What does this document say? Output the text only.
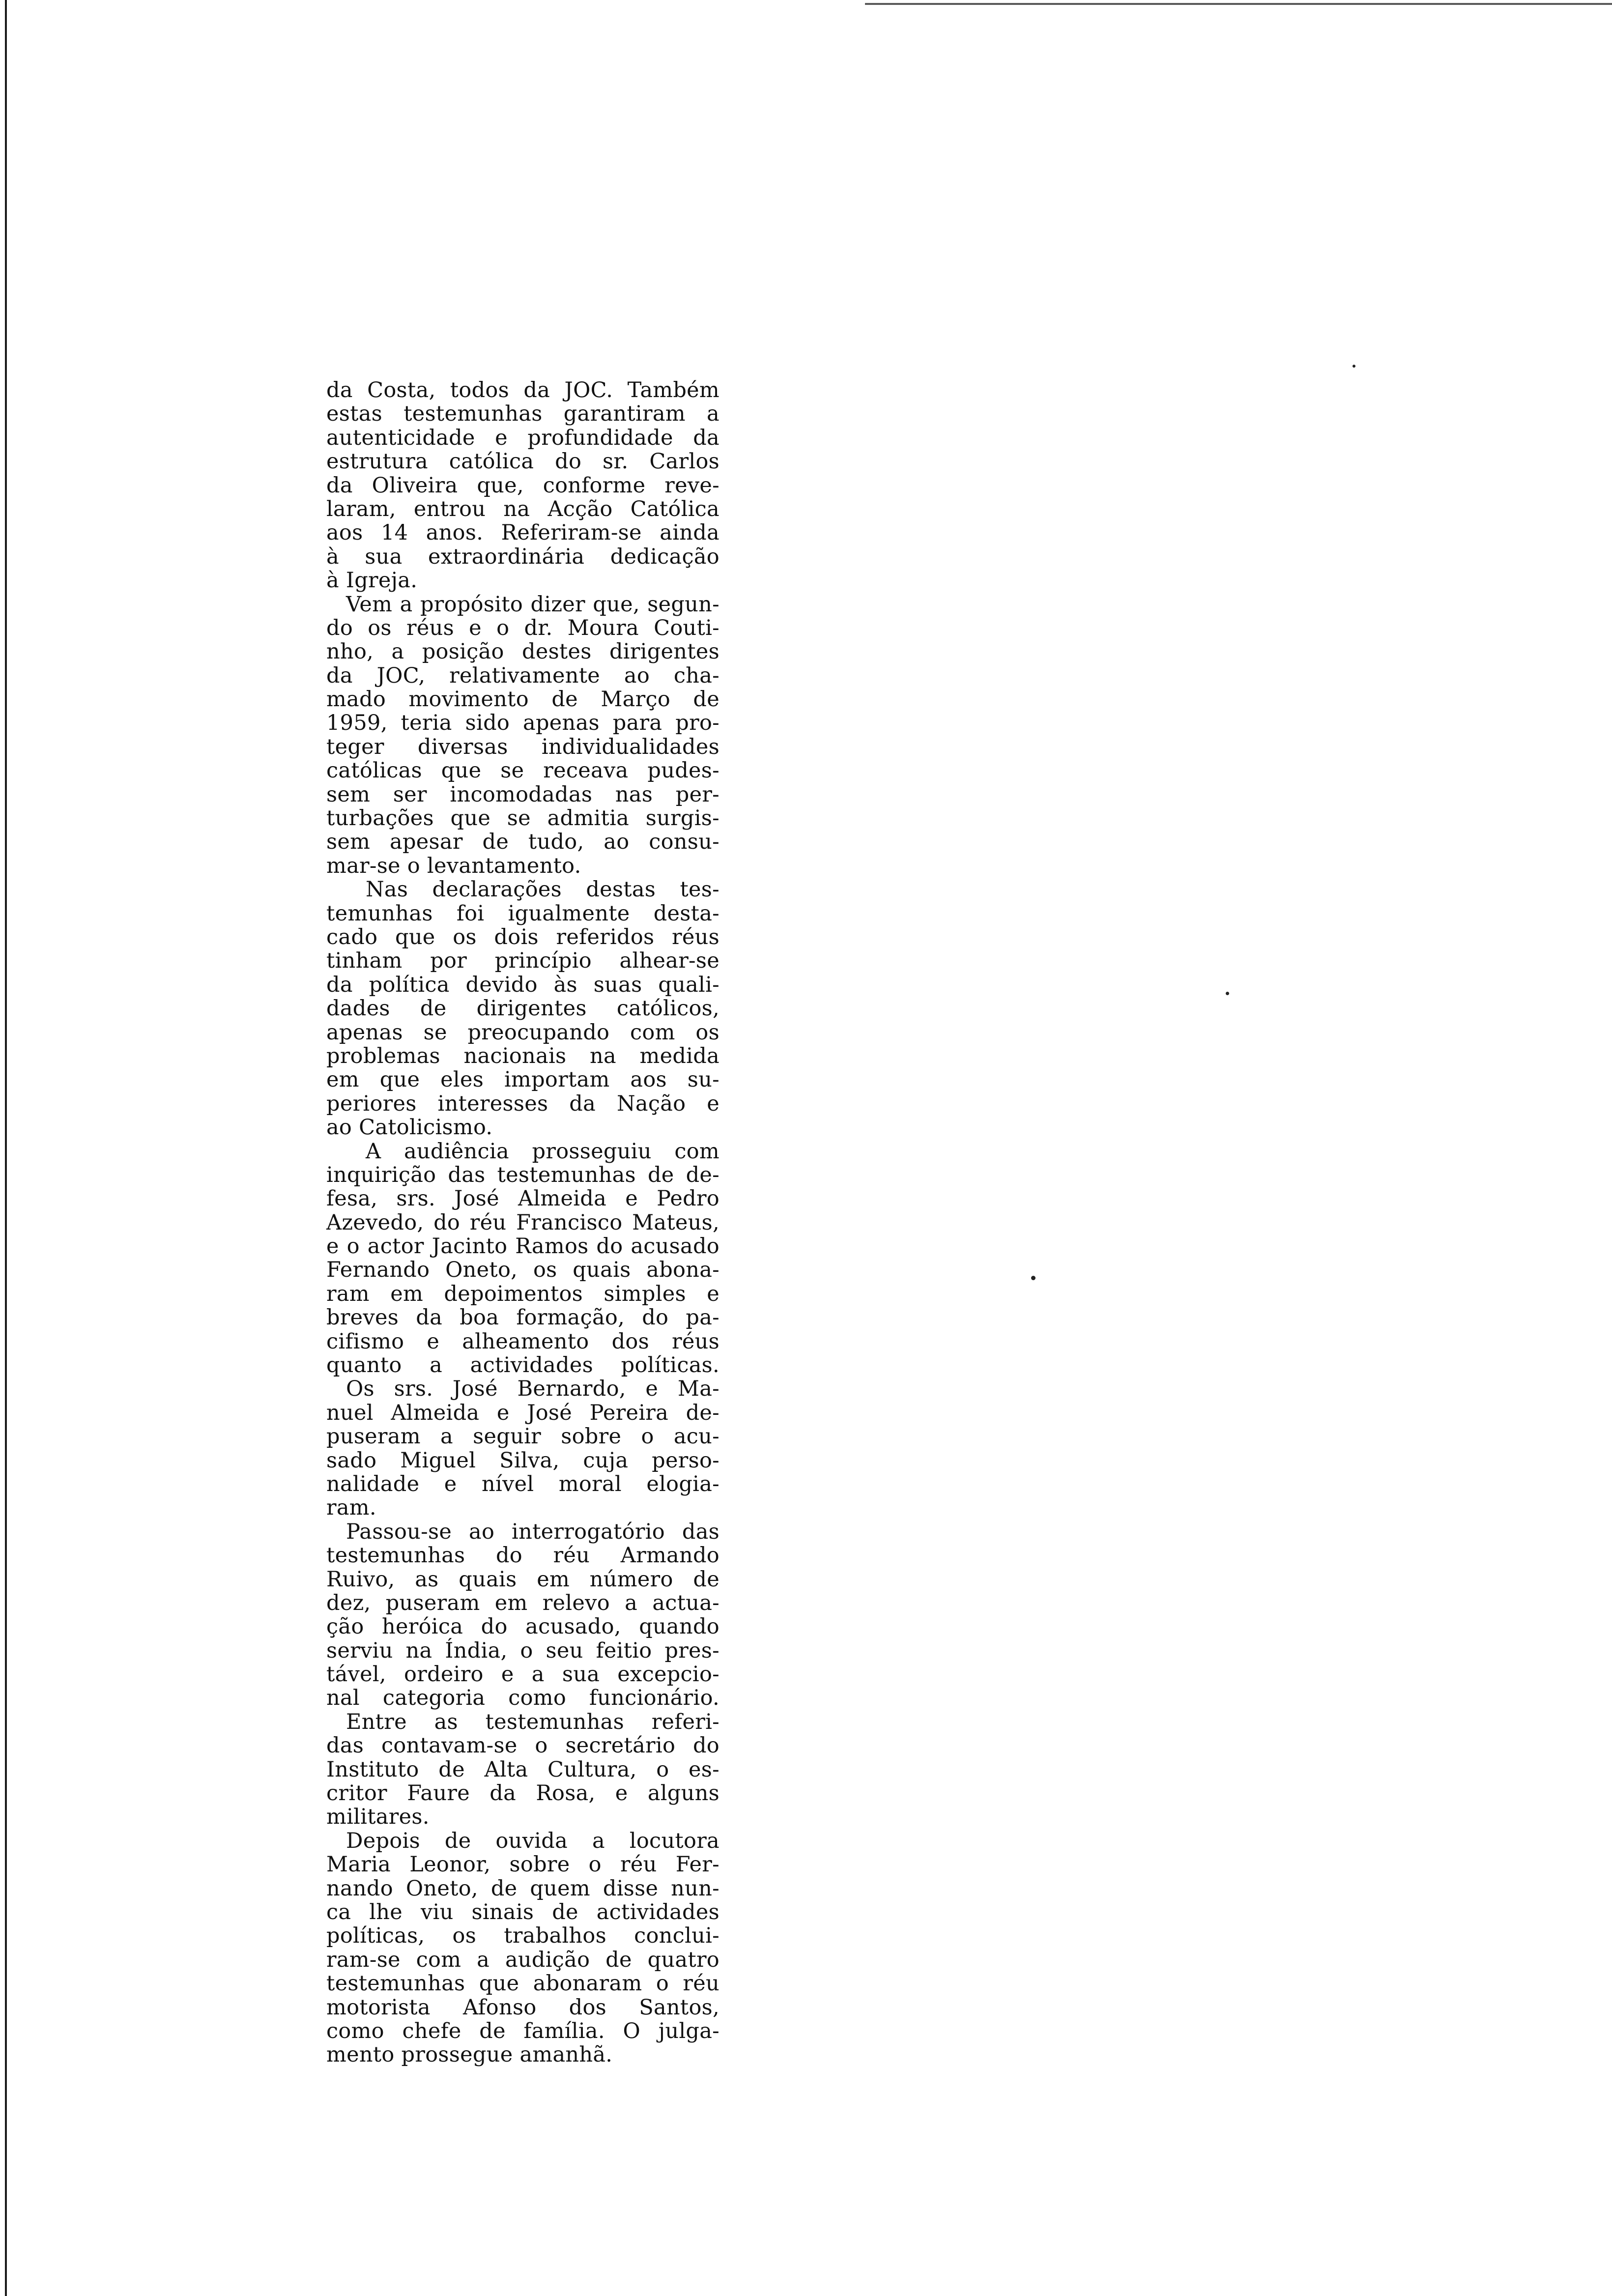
da Costa, todos da JOC. Também
estas testemunhas garantiram a
autenticidade e profundidade da
estrutura católica do sr. Carlos
da Oliveira que, conforme reve-
laram, entrou na Acção Católica
aos 14 anos. Referiram-se ainda
à sua extraordinária dedicação
à Igreja.
Vem a propósito dizer que, segun-
do os réus e o dr. Moura Couti-
nho, a posição destes dirigentes
da JOC, relativamente ao cha-
mado movimento de Março de
1959, teria sido apenas para pro-
teger diversas individualidades
católicas que se receava pudes-
sem ser incomodadas nas per-
turbações que se admitia surgis-
sem apesar de tudo, ao consu-
mar-se o levantamento.
Nas declarações destas tes-
temunhas foi igualmente desta-
cado que os dois referidos réus
tinham por princípio alhear-se
da política devido às suas quali-
dades de dirigentes católicos,
apenas se preocupando com os
problemas nacionais na medida
em que eles importam aos su-
periores interesses da Nação e
ao Catolicismo.
A audiência prosseguiu com
inquirição das testemunhas de de-
fesa, srs. José Almeida e Pedro
Azevedo, do réu Francisco Mateus,
e o actor Jacinto Ramos do acusado
Fernando Oneto, os quais abona-
ram em depoimentos simples e
breves da boa formação, do pa-
cifismo e alheamento dos réus
quanto a actividades políticas.
Os srs. José Bernardo, e Ma-
nuel Almeida e José Pereira de-
puseram a seguir sobre o acu-
sado Miguel Silva, cuja perso-
nalidade e nível moral elogia-
ram.
Passou-se ao interrogatório das
testemunhas do réu Armando
Ruivo, as quais em número de
dez, puseram em relevo a actua-
ção heróica do acusado, quando
serviu na Índia, o seu feitio pres-
tável, ordeiro e a sua excepcio-
nal categoria como funcionário.
Entre as testemunhas referi-
das contavam-se o secretário do
Instituto de Alta Cultura, o es-
critor Faure da Rosa, e alguns
militares.
Depois de ouvida a locutora
Maria Leonor, sobre o réu Fer-
nando Oneto, de quem disse nun-
ca lhe viu sinais de actividades
políticas, os trabalhos conclui-
ram-se com a audição de quatro
testemunhas que abonaram o réu
motorista Afonso dos Santos,
como chefe de família. O julga-
mento prossegue amanhã.
